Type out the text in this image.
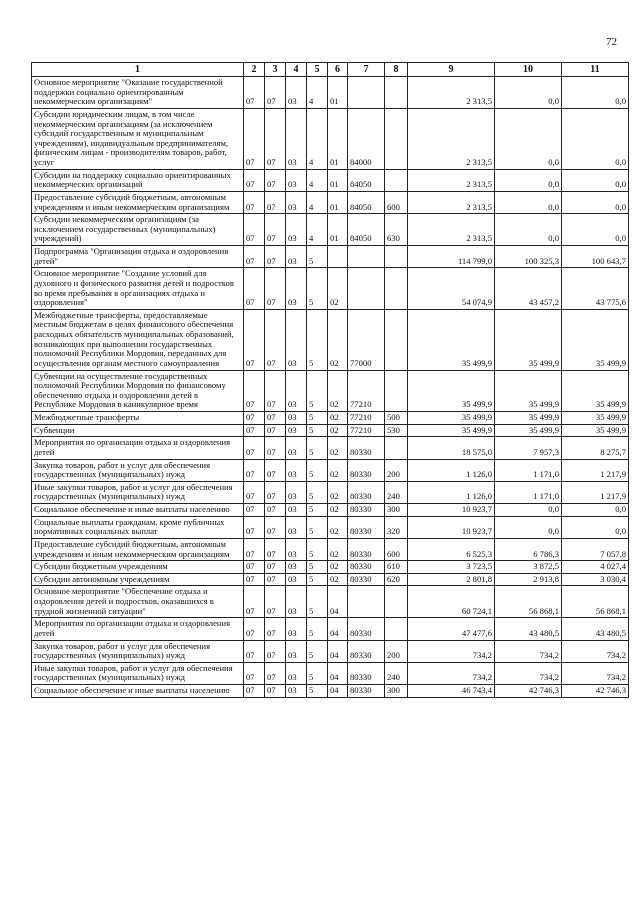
72
1	2	3	4	5	6	7	8	9	10	11
Основное мероприятие "Оказание государственной поддержки социально ориентированным некоммерческим организациям"	07	07	03	4	01			2 313,5	0,0	0,0
Субсидии юридическим лицам, в том числе некоммерческим организациям (за исключением субсидий государственным и муниципальным учреждениям), индивидуальным предпринимателям, физическим лицам - производителям товаров, работ, услуг	07	07	03	4	01	84000		2 313,5	0,0	0,0
Субсидии на поддержку социально ориентированных некоммерческих организаций	07	07	03	4	01	84050		2 313,5	0,0	0,0
Предоставление субсидий бюджетным, автономным учреждениям и иным некоммерческим организациям	07	07	03	4	01	84050	600	2 313,5	0,0	0,0
Субсидии некоммерческим организациям (за исключением государственных (муниципальных) учреждений)	07	07	03	4	01	84050	630	2 313,5	0,0	0,0
Подпрограмма "Организация отдыха и оздоровления детей"	07	07	03	5				114 799,0	100 325,3	100 643,7
Основное мероприятие "Создание условий для духовного и физического развития детей и подростков во время пребывания в организациях отдыха и оздоровления"	07	07	03	5	02			54 074,9	43 457,2	43 775,6
Межбюджетные трансферты, предоставляемые местным бюджетам в целях финансового обеспечения расходных обязательств муниципальных образований, возникающих при выполнении государственных полномочий Республики Мордовия, переданных для осуществления органам местного самоуправления	07	07	03	5	02	77000		35 499,9	35 499,9	35 499,9
Субвенции на осуществление государственных полномочий Республики Мордовия по финансовому обеспечению отдыха и оздоровления детей в Республике Мордовия в каникулярное время	07	07	03	5	02	77210		35 499,9	35 499,9	35 499,9
Межбюджетные трансферты	07	07	03	5	02	77210	500	35 499,9	35 499,9	35 499,9
Субвенции	07	07	03	5	02	77210	530	35 499,9	35 499,9	35 499,9
Мероприятия по организации отдыха и оздоровления детей	07	07	03	5	02	80330		18 575,0	7 957,3	8 275,7
Закупка товаров, работ и услуг для обеспечения государственных (муниципальных) нужд	07	07	03	5	02	80330	200	1 126,0	1 171,0	1 217,9
Иные закупки товаров, работ и услуг для обеспечения государственных (муниципальных) нужд	07	07	03	5	02	80330	240	1 126,0	1 171,0	1 217,9
Социальное обеспечение и иные выплаты населению	07	07	03	5	02	80330	300	10 923,7	0,0	0,0
Социальные выплаты гражданам, кроме публичных нормативных социальных выплат	07	07	03	5	02	80330	320	10 923,7	0,0	0,0
Предоставление субсидий бюджетным, автономным учреждениям и иным некоммерческим организациям	07	07	03	5	02	80330	600	6 525,3	6 786,3	7 057,8
Субсидии бюджетным учреждениям	07	07	03	5	02	80330	610	3 723,5	3 872,5	4 027,4
Субсидии автономным учреждениям	07	07	03	5	02	80330	620	2 801,8	2 913,8	3 030,4
Основное мероприятие "Обеспечение отдыха и оздоровления детей и подростков, оказавшихся в трудной жизненной ситуации"	07	07	03	5	04			60 724,1	56 868,1	56 868,1
Мероприятия по организации отдыха и оздоровления детей	07	07	03	5	04	80330		47 477,6	43 480,5	43 480,5
Закупка товаров, работ и услуг для обеспечения государственных (муниципальных) нужд	07	07	03	5	04	80330	200	734,2	734,2	734,2
Иные закупки товаров, работ и услуг для обеспечения государственных (муниципальных) нужд	07	07	03	5	04	80330	240	734,2	734,2	734,2
Социальное обеспечение и иные выплаты населению	07	07	03	5	04	80330	300	46 743,4	42 746,3	42 746,3
